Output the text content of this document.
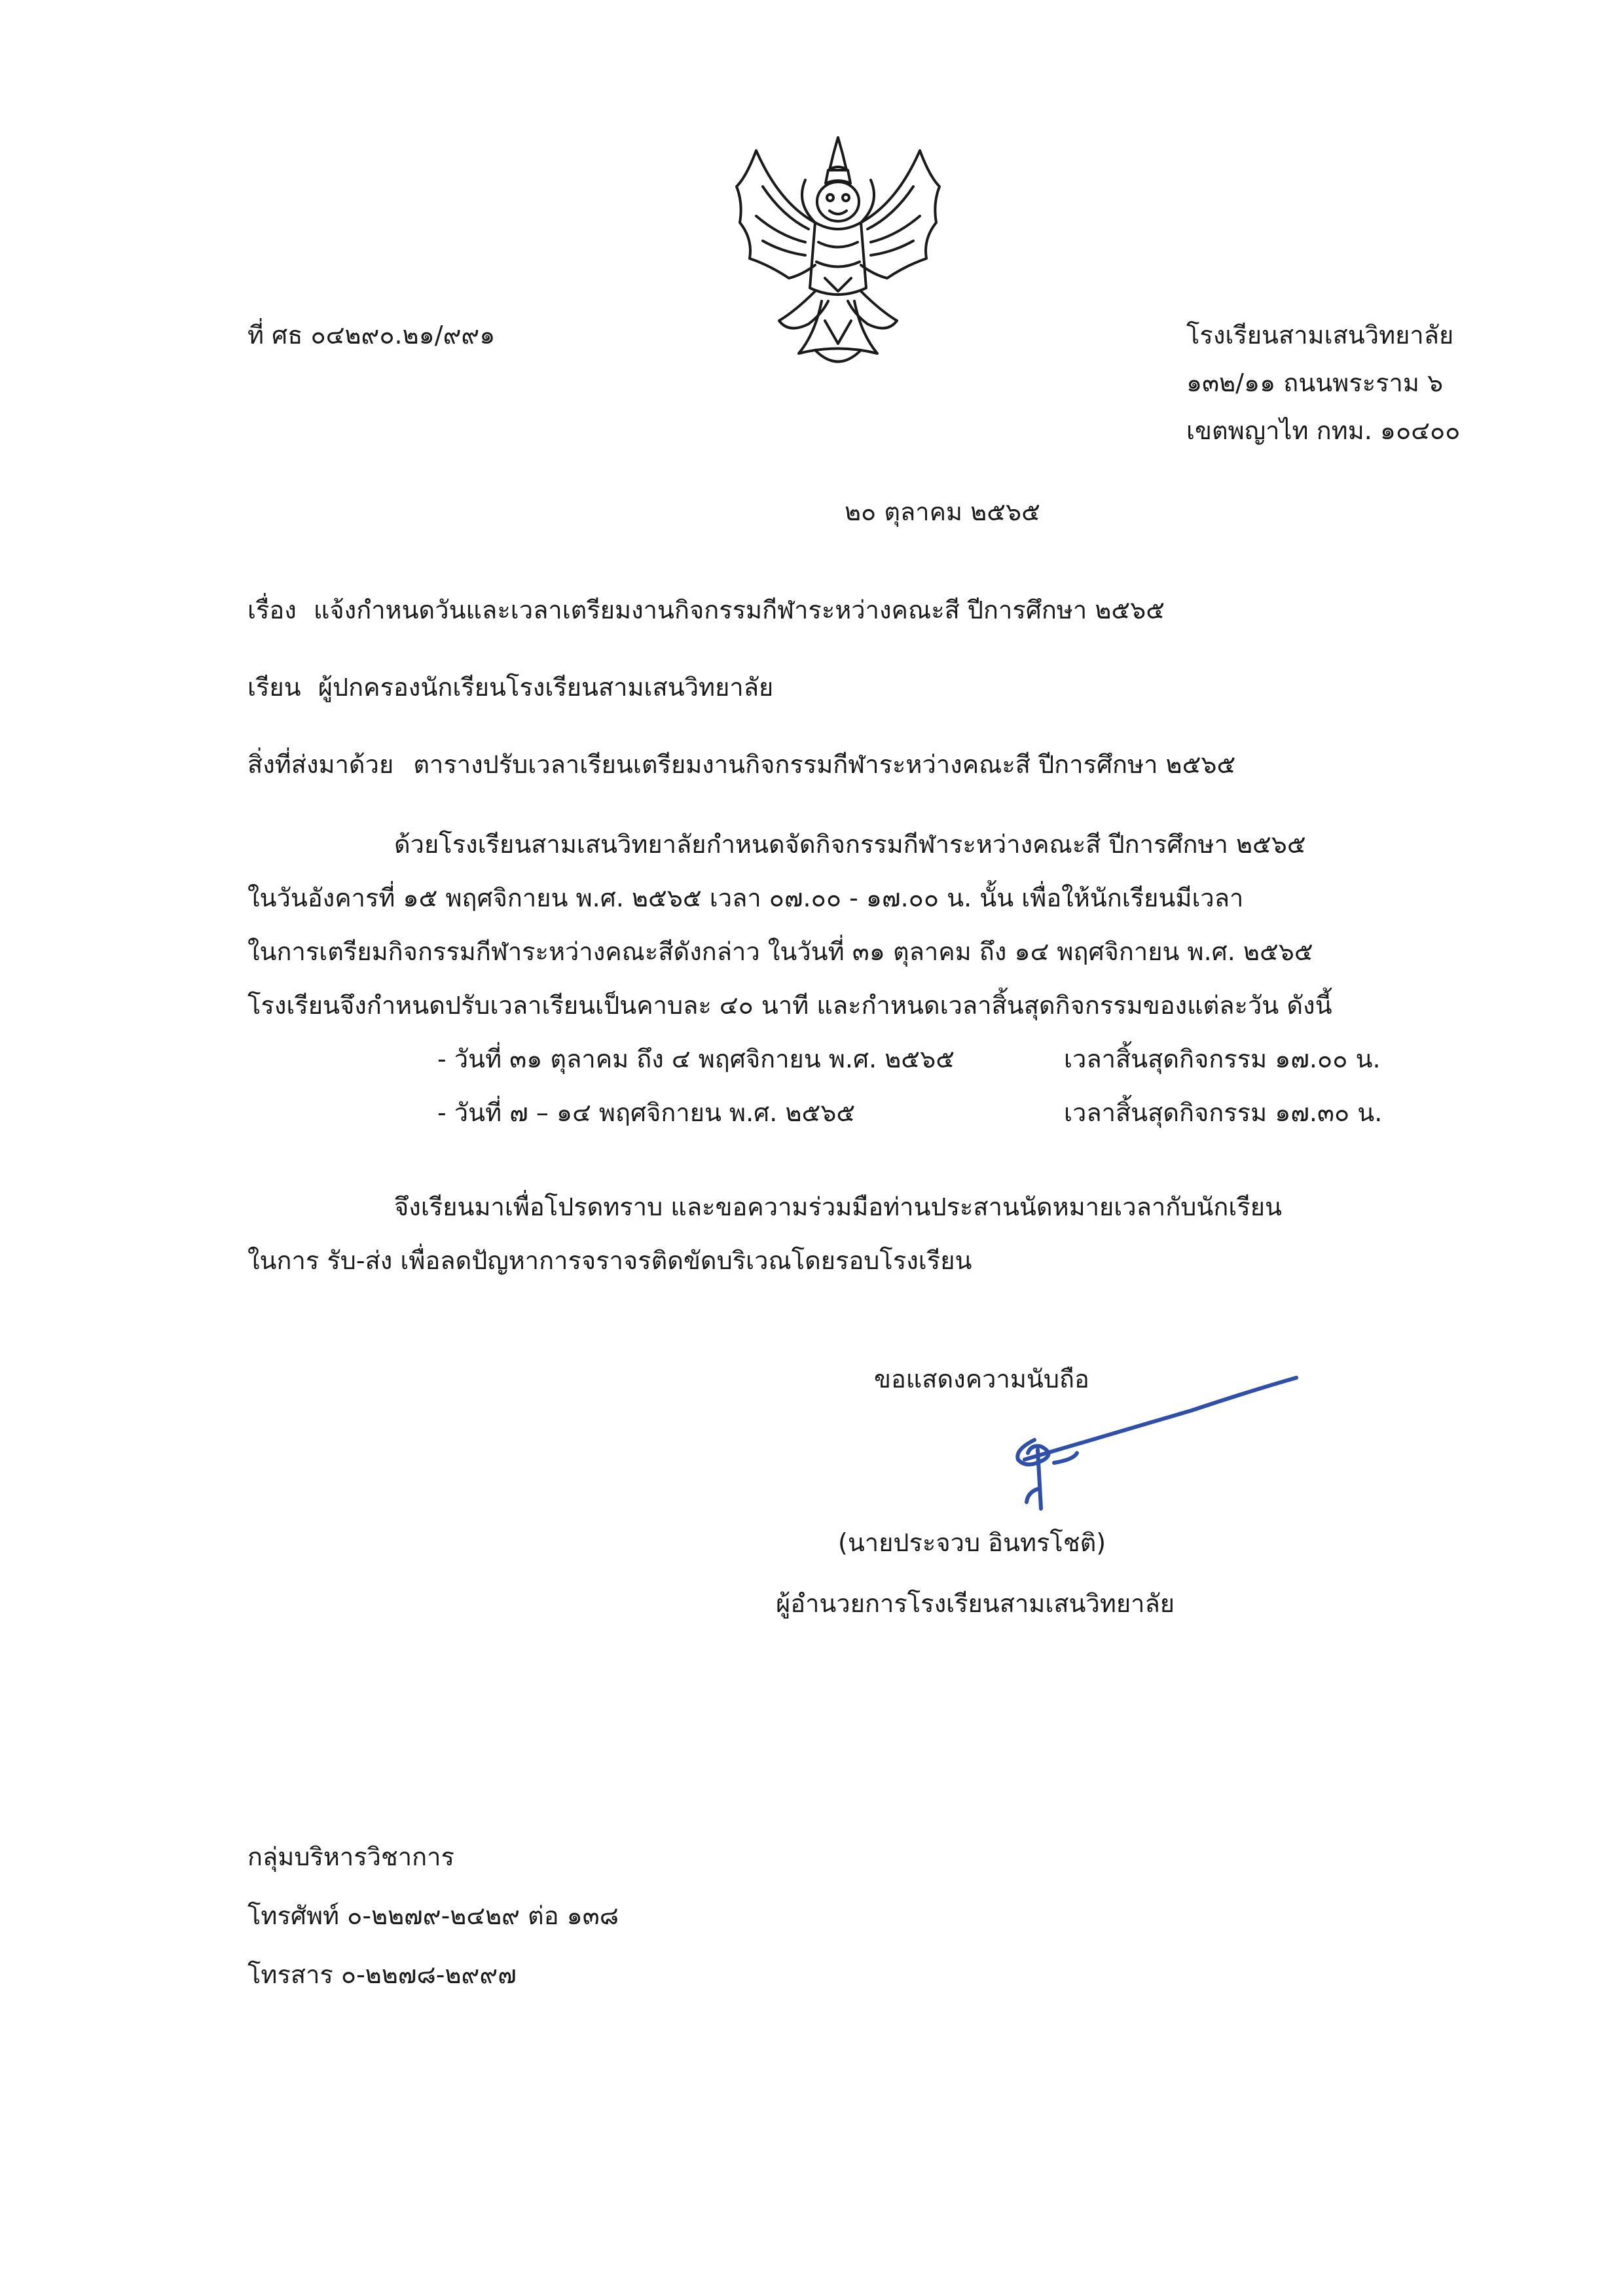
ที่ ศธ ๐๔๒๙๐.๒๑/๙๙๑	โรงเรียนสามเสนวิทยาลัย
๑๓๒/๑๑ ถนนพระราม ๖
เขตพญาไท กทม. ๑๐๔๐๐
๒๐ ตุลาคม ๒๕๖๕
เรื่อง แจ้งกำหนดวันและเวลาเตรียมงานกิจกรรมกีฬาระหว่างคณะสี ปีการศึกษา ๒๕๖๕
เรียน ผู้ปกครองนักเรียนโรงเรียนสามเสนวิทยาลัย
สิ่งที่ส่งมาด้วย ตารางปรับเวลาเรียนเตรียมงานกิจกรรมกีฬาระหว่างคณะสี ปีการศึกษา ๒๕๖๕
ด้วยโรงเรียนสามเสนวิทยาลัยกำหนดจัดกิจกรรมกีฬาระหว่างคณะสี ปีการศึกษา ๒๕๖๕
ในวันอังคารที่ ๑๕ พฤศจิกายน พ.ศ. ๒๕๖๕ เวลา ๐๗.๐๐ - ๑๗.๐๐ น. นั้น เพื่อให้นักเรียนมีเวลา
ในการเตรียมกิจกรรมกีฬาระหว่างคณะสีดังกล่าว ในวันที่ ๓๑ ตุลาคม ถึง ๑๔ พฤศจิกายน พ.ศ. ๒๕๖๕
โรงเรียนจึงกำหนดปรับเวลาเรียนเป็นคาบละ ๔๐ นาที และกำหนดเวลาสิ้นสุดกิจกรรมของแต่ละวัน ดังนี้
- วันที่ ๓๑ ตุลาคม ถึง ๔ พฤศจิกายน พ.ศ. ๒๕๖๕	เวลาสิ้นสุดกิจกรรม ๑๗.๐๐ น.
- วันที่ ๗ – ๑๔ พฤศจิกายน พ.ศ. ๒๕๖๕	เวลาสิ้นสุดกิจกรรม ๑๗.๓๐ น.
จึงเรียนมาเพื่อโปรดทราบ และขอความร่วมมือท่านประสานนัดหมายเวลากับนักเรียน
ในการ รับ-ส่ง เพื่อลดปัญหาการจราจรติดขัดบริเวณโดยรอบโรงเรียน
ขอแสดงความนับถือ
(นายประจวบ อินทรโชติ)
ผู้อำนวยการโรงเรียนสามเสนวิทยาลัย
กลุ่มบริหารวิชาการ
โทรศัพท์ ๐-๒๒๗๙-๒๔๒๙ ต่อ ๑๓๘
โทรสาร ๐-๒๒๗๘-๒๙๙๗
